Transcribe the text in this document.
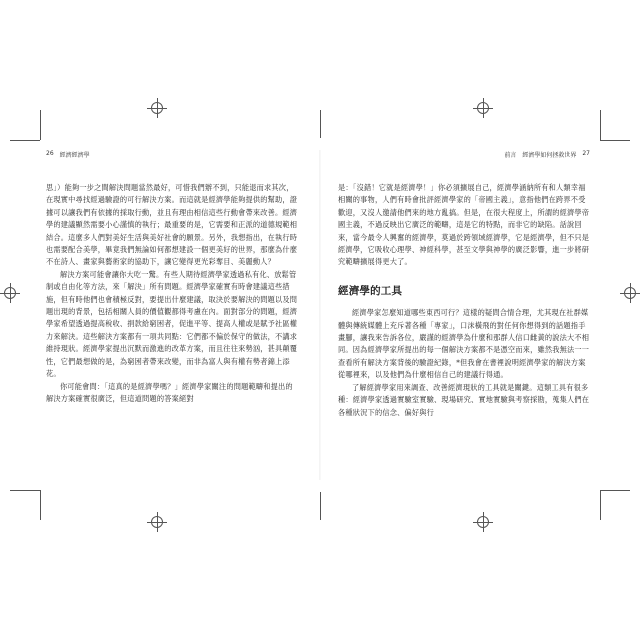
26 經濟經濟學

思」）能夠一步之間解決問題當然最好，可惜我們辦不到，只能退而求其次，在現實中尋找經過驗證的可行解決方案。而這就是經濟學能夠提供的幫助，證據可以讓我們有依據的採取行動，並且有理由相信這些行動會帶來改善。經濟學的建議顯然需要小心謹慎的執行；最重要的是，它需要和正派的道德規範相結合。這麼多人們對美好生活與美好社會的願景。另外，我想指出，在執行時也需要配合美學，畢竟我們無論如何都想建設一個更美好的世界，那麼為什麼不在詩人、畫家與藝術家的協助下，讓它變得更光彩奪目、美麗動人？

解決方案可能會讓你大吃一驚。有些人期待經濟學家透過私有化、放鬆管制或自由化等方法，來「解決」所有問題。經濟學家確實有時會建議這些措施，但有時他們也會積極反對，要提出什麼建議，取決於要解決的問題以及問題出現的背景，包括相關人員的價值觀都得考慮在內。面對部分的問題，經濟學家希望透過提高稅收、捐款給窮困者，促進平等、提高人權或是賦予社區權力來解決。這些解決方案都有一項共同點：它們都不偏於保守的做法，不講求維持現狀。經濟學家提出沉默而激進的改革方案，而且往往來勢汹，甚具顛覆性，它們最想做的是，為窮困者帶來改變，而非為富人與有權有勢者錦上添花。

你可能會問：「這真的是經濟學嗎？」經濟學家關注的問題範疇和提出的解決方案確實很廣泛，但這道問題的答案絕對

前言　經濟學如何拯救世界 27

是：「沒錯！它就是經濟學！」你必須擴展自己，經濟學涵納所有和人類幸福相關的事物，人們有時會批評經濟學家的「帝國主義」，意指他們在跨界不受歡迎，又沒人邀請他們來的地方亂搞。但是，在很大程度上，所謂的經濟學帝國主義，不過反映出它廣泛的範疇，這是它的特點，而非它的缺陷。話說回來，當今最令人興奮的經濟學，莫過於跨領域經濟學，它是經濟學，但不只是經濟學，它吸收心理學、神經科學，甚至文學與神學的廣泛影響，進一步將研究範疇擴展得更大了。

經濟學的工具

經濟學家怎麼知道哪些東西可行？這樣的疑問合情合理，尤其現在社群媒體與傳統媒體上充斥著各種「專家」，口沫橫飛的對任何你想得到的話題指手畫腳，讓我來告訴各位，嚴謹的經濟學為什麼和那群人信口雌黃的說法大不相同。因為經濟學家所提出的每一個解決方案都不是憑空而來，雖然我無法一一查看所有解決方案背後的驗證紀錄，*但我會在書裡說明經濟學家的解決方案從哪裡來，以及他們為什麼相信自己的建議行得通。

了解經濟學家用來調查、改善經濟現狀的工具就是關鍵。這類工具有很多種：經濟學家透過實驗室實驗、現場研究、實地實驗與考察採勘，蒐集人們在各種狀況下的信念、偏好與行
